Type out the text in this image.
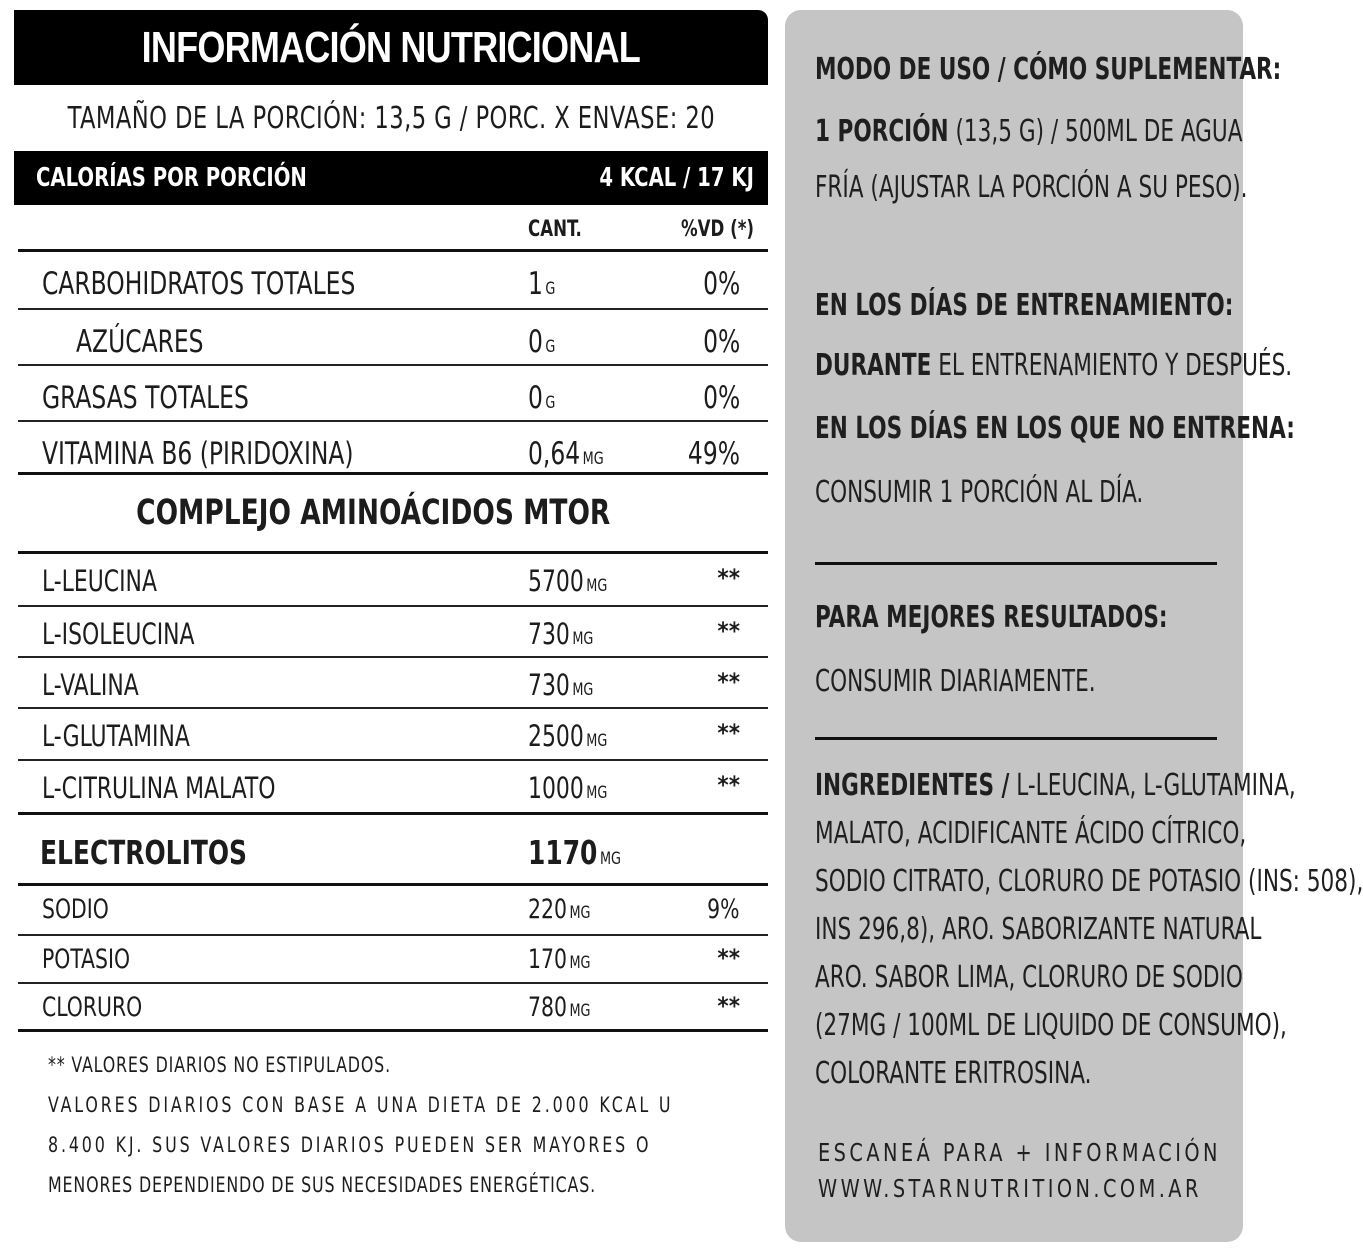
INFORMACIÓN NUTRICIONAL
TAMAÑO DE LA PORCIÓN: 13,5 G / PORC. X ENVASE: 20
CALORÍAS POR PORCIÓN	4 KCAL / 17 KJ
CANT.	%VD (*)
CARBOHIDRATOS TOTALES	1 G	0%
AZÚCARES	0 G	0%
GRASAS TOTALES	0 G	0%
VITAMINA B6 (PIRIDOXINA)	0,64 MG	49%
COMPLEJO AMINOÁCIDOS MTOR
L-LEUCINA	5700 MG	**
L-ISOLEUCINA	730 MG	**
L-VALINA	730 MG	**
L-GLUTAMINA	2500 MG	**
L-CITRULINA MALATO	1000 MG	**
ELECTROLITOS	1170 MG
SODIO	220 MG	9%
POTASIO	170 MG	**
CLORURO	780 MG	**
** VALORES DIARIOS NO ESTIPULADOS.
VALORES DIARIOS CON BASE A UNA DIETA DE 2.000 KCAL U
8.400 KJ. SUS VALORES DIARIOS PUEDEN SER MAYORES O
MENORES DEPENDIENDO DE SUS NECESIDADES ENERGÉTICAS.
MODO DE USO / CÓMO SUPLEMENTAR:
1 PORCIÓN (13,5 G) / 500ML DE AGUA
FRÍA (AJUSTAR LA PORCIÓN A SU PESO).
EN LOS DÍAS DE ENTRENAMIENTO:
DURANTE EL ENTRENAMIENTO Y DESPUÉS.
EN LOS DÍAS EN LOS QUE NO ENTRENA:
CONSUMIR 1 PORCIÓN AL DÍA.
PARA MEJORES RESULTADOS:
CONSUMIR DIARIAMENTE.
INGREDIENTES / L-LEUCINA, L-GLUTAMINA,
MALATO, ACIDIFICANTE ÁCIDO CÍTRICO,
SODIO CITRATO, CLORURO DE POTASIO (INS: 508),
INS 296,8), ARO. SABORIZANTE NATURAL
ARO. SABOR LIMA, CLORURO DE SODIO
(27MG / 100ML DE LIQUIDO DE CONSUMO),
COLORANTE ERITROSINA.
ESCANEÁ PARA + INFORMACIÓN
WWW.STARNUTRITION.COM.AR
